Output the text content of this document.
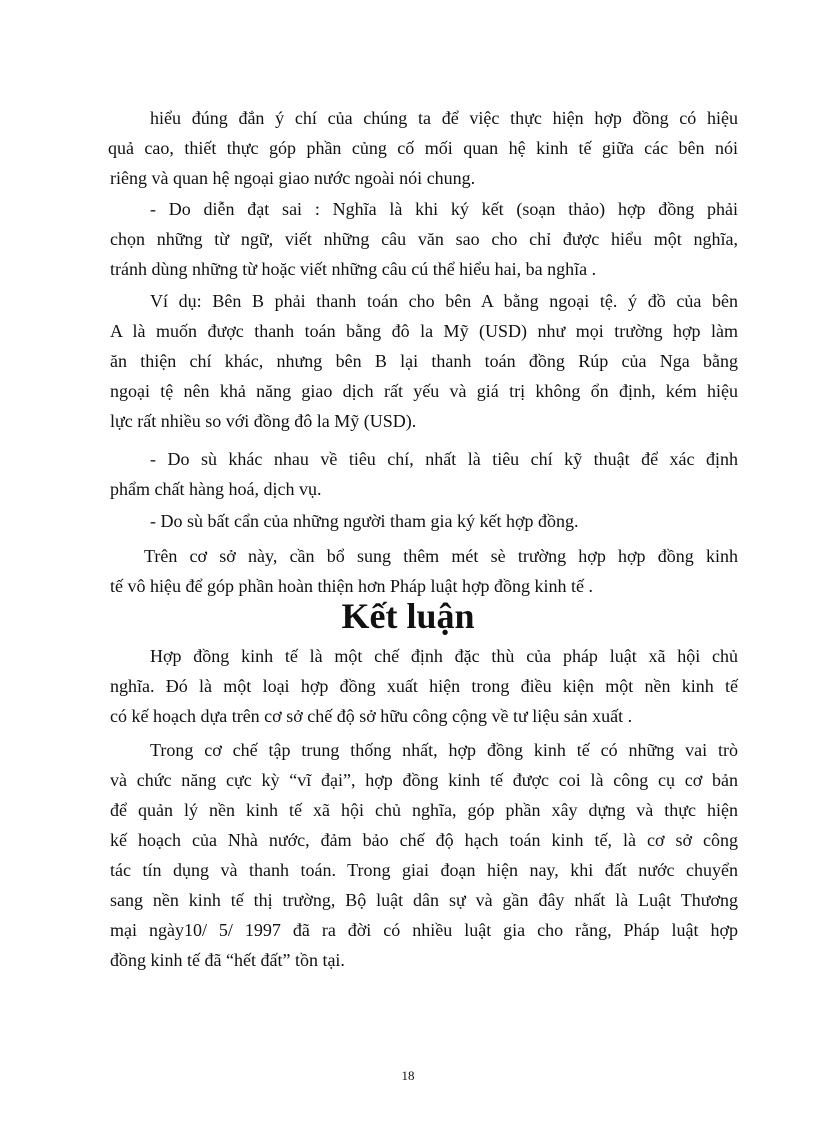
hiểu đúng đắn ý chí của chúng ta để việc thực hiện hợp đồng có hiệu
quả cao, thiết thực góp phần củng cố mối quan hệ kinh tế giữa các bên nói
riêng và quan hệ ngoại giao nước ngoài nói chung.
- Do diễn đạt sai : Nghĩa là khi ký kết (soạn thảo) hợp đồng phải
chọn những từ ngữ, viết những câu văn sao cho chỉ được hiểu một nghĩa,
tránh dùng những từ hoặc viết những câu cú thể hiểu hai, ba nghĩa .
Ví dụ: Bên B phải thanh toán cho bên A bằng ngoại tệ. ý đồ của bên
A là muốn được thanh toán bằng đô la Mỹ (USD) như mọi trường hợp làm
ăn thiện chí khác, nhưng bên B lại thanh toán đồng Rúp của Nga bằng
ngoại tệ nên khả năng giao dịch rất yếu và giá trị không ổn định, kém hiệu
lực rất nhiều so với đồng đô la Mỹ (USD).
- Do sù khác nhau về tiêu chí, nhất là tiêu chí kỹ thuật để xác định
phẩm chất hàng hoá, dịch vụ.
- Do sù bất cẩn của những người tham gia ký kết hợp đồng.
Trên cơ sở này, cần bổ sung thêm mét sè trường hợp hợp đồng kinh
tế vô hiệu để góp phần hoàn thiện hơn Pháp luật hợp đồng kinh tế .
Kết luận
Hợp đồng kinh tế là một chế định đặc thù của pháp luật xã hội chủ
nghĩa. Đó là một loại hợp đồng xuất hiện trong điều kiện một nền kinh tế
có kế hoạch dựa trên cơ sở chế độ sở hữu công cộng về tư liệu sản xuất .
Trong cơ chế tập trung thống nhất, hợp đồng kinh tế có những vai trò
và chức năng cực kỳ “vĩ đại”, hợp đồng kinh tế được coi là công cụ cơ bản
để quản lý nền kinh tế xã hội chủ nghĩa, góp phần xây dựng và thực hiện
kế hoạch của Nhà nước, đảm bảo chế độ hạch toán kinh tế, là cơ sở công
tác tín dụng và thanh toán. Trong giai đoạn hiện nay, khi đất nước chuyển
sang nền kinh tế thị trường, Bộ luật dân sự và gần đây nhất là Luật Thương
mại ngày10/ 5/ 1997 đã ra đời có nhiều luật gia cho rằng, Pháp luật hợp
đồng kinh tế đã “hết đất” tồn tại.
18
